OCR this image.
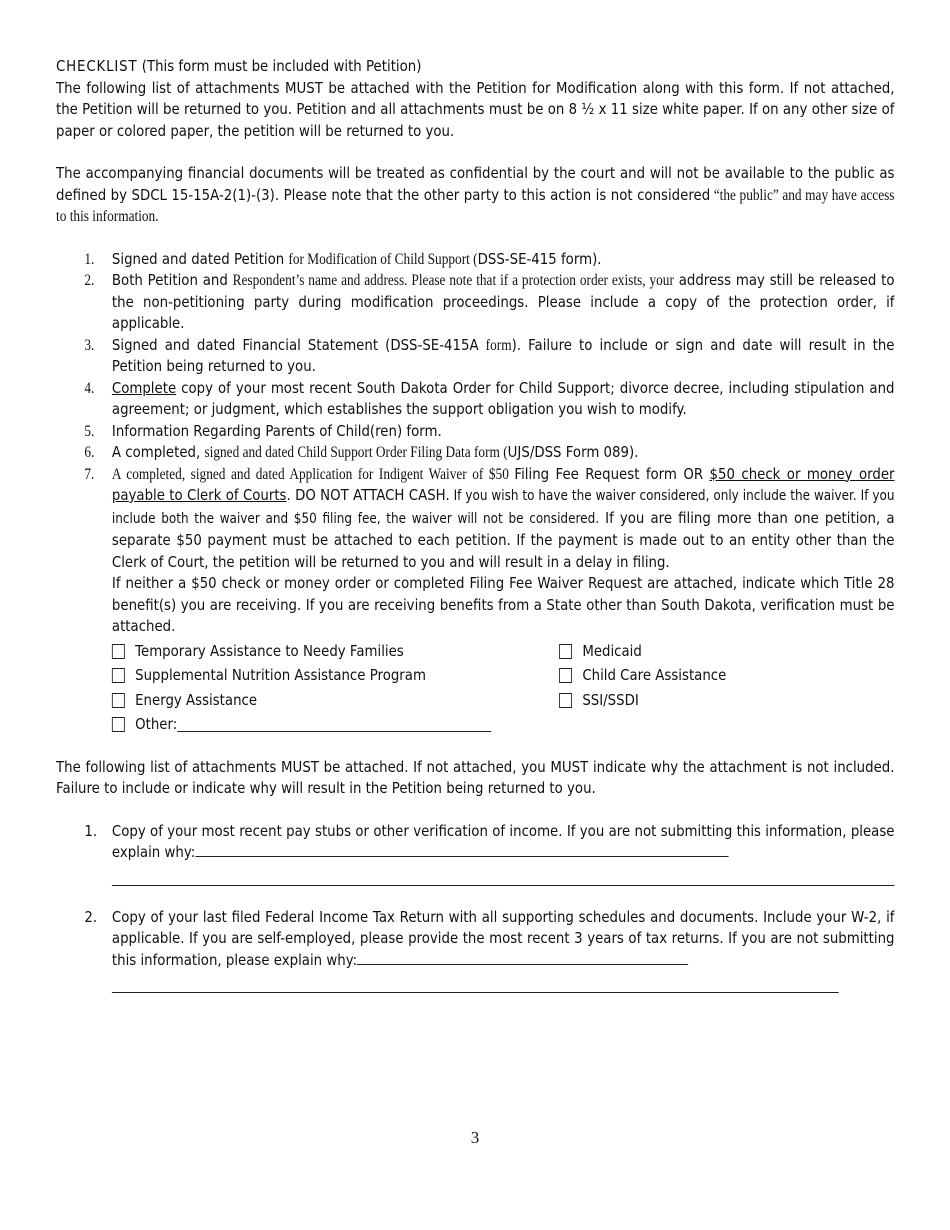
CHECKLIST (This form must be included with Petition)

The following list of attachments MUST be attached with the Petition for Modification along with this form. If not attached, the Petition will be returned to you. Petition and all attachments must be on 8 ½ x 11 size white paper. If on any other size of paper or colored paper, the petition will be returned to you.

The accompanying financial documents will be treated as confidential by the court and will not be available to the public as defined by SDCL 15-15A-2(1)-(3). Please note that the other party to this action is not considered “the public” and may have access to this information.

1. Signed and dated Petition for Modification of Child Support (DSS-SE-415 form).
2. Both Petition and Respondent’s name and address. Please note that if a protection order exists, your address may still be released to the non-petitioning party during modification proceedings. Please include a copy of the protection order, if applicable.
3. Signed and dated Financial Statement (DSS-SE-415A form). Failure to include or sign and date will result in the Petition being returned to you.
4. Complete copy of your most recent South Dakota Order for Child Support; divorce decree, including stipulation and agreement; or judgment, which establishes the support obligation you wish to modify.
5. Information Regarding Parents of Child(ren) form.
6. A completed, signed and dated Child Support Order Filing Data form (UJS/DSS Form 089).
7. A completed, signed and dated Application for Indigent Waiver of $50 Filing Fee Request form OR $50 check or money order payable to Clerk of Courts. DO NOT ATTACH CASH. If you wish to have the waiver considered, only include the waiver. If you include both the waiver and $50 filing fee, the waiver will not be considered. If you are filing more than one petition, a separate $50 payment must be attached to each petition. If the payment is made out to an entity other than the Clerk of Court, the petition will be returned to you and will result in a delay in filing.

If neither a $50 check or money order or completed Filing Fee Waiver Request are attached, indicate which Title 28 benefit(s) you are receiving. If you are receiving benefits from a State other than South Dakota, verification must be attached.

Temporary Assistance to Needy Families	Medicaid
Supplemental Nutrition Assistance Program	Child Care Assistance
Energy Assistance	SSI/SSDI
Other:

The following list of attachments MUST be attached. If not attached, you MUST indicate why the attachment is not included. Failure to include or indicate why will result in the Petition being returned to you.

1. Copy of your most recent pay stubs or other verification of income. If you are not submitting this information, please explain why:
2. Copy of your last filed Federal Income Tax Return with all supporting schedules and documents. Include your W-2, if applicable. If you are self-employed, please provide the most recent 3 years of tax returns. If you are not submitting this information, please explain why:
3
